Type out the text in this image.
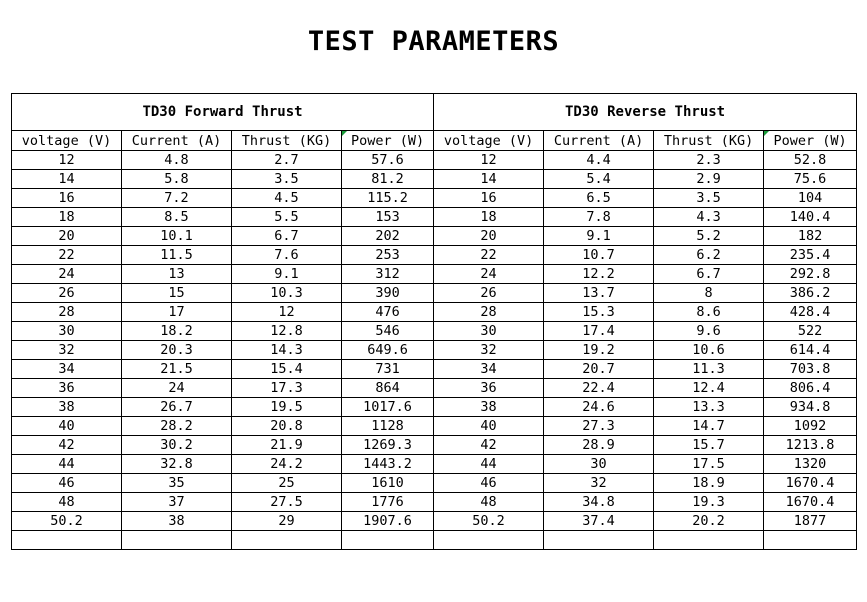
TEST PARAMETERS
TD30 Forward Thrust				TD30 Reverse Thrust			
voltage (V)	Current (A)	Thrust (KG)	Power (W)	voltage (V)	Current (A)	Thrust (KG)	Power (W)
12	4.8	2.7	57.6	12	4.4	2.3	52.8
14	5.8	3.5	81.2	14	5.4	2.9	75.6
16	7.2	4.5	115.2	16	6.5	3.5	104
18	8.5	5.5	153	18	7.8	4.3	140.4
20	10.1	6.7	202	20	9.1	5.2	182
22	11.5	7.6	253	22	10.7	6.2	235.4
24	13	9.1	312	24	12.2	6.7	292.8
26	15	10.3	390	26	13.7	8	386.2
28	17	12	476	28	15.3	8.6	428.4
30	18.2	12.8	546	30	17.4	9.6	522
32	20.3	14.3	649.6	32	19.2	10.6	614.4
34	21.5	15.4	731	34	20.7	11.3	703.8
36	24	17.3	864	36	22.4	12.4	806.4
38	26.7	19.5	1017.6	38	24.6	13.3	934.8
40	28.2	20.8	1128	40	27.3	14.7	1092
42	30.2	21.9	1269.3	42	28.9	15.7	1213.8
44	32.8	24.2	1443.2	44	30	17.5	1320
46	35	25	1610	46	32	18.9	1670.4
48	37	27.5	1776	48	34.8	19.3	1670.4
50.2	38	29	1907.6	50.2	37.4	20.2	1877
